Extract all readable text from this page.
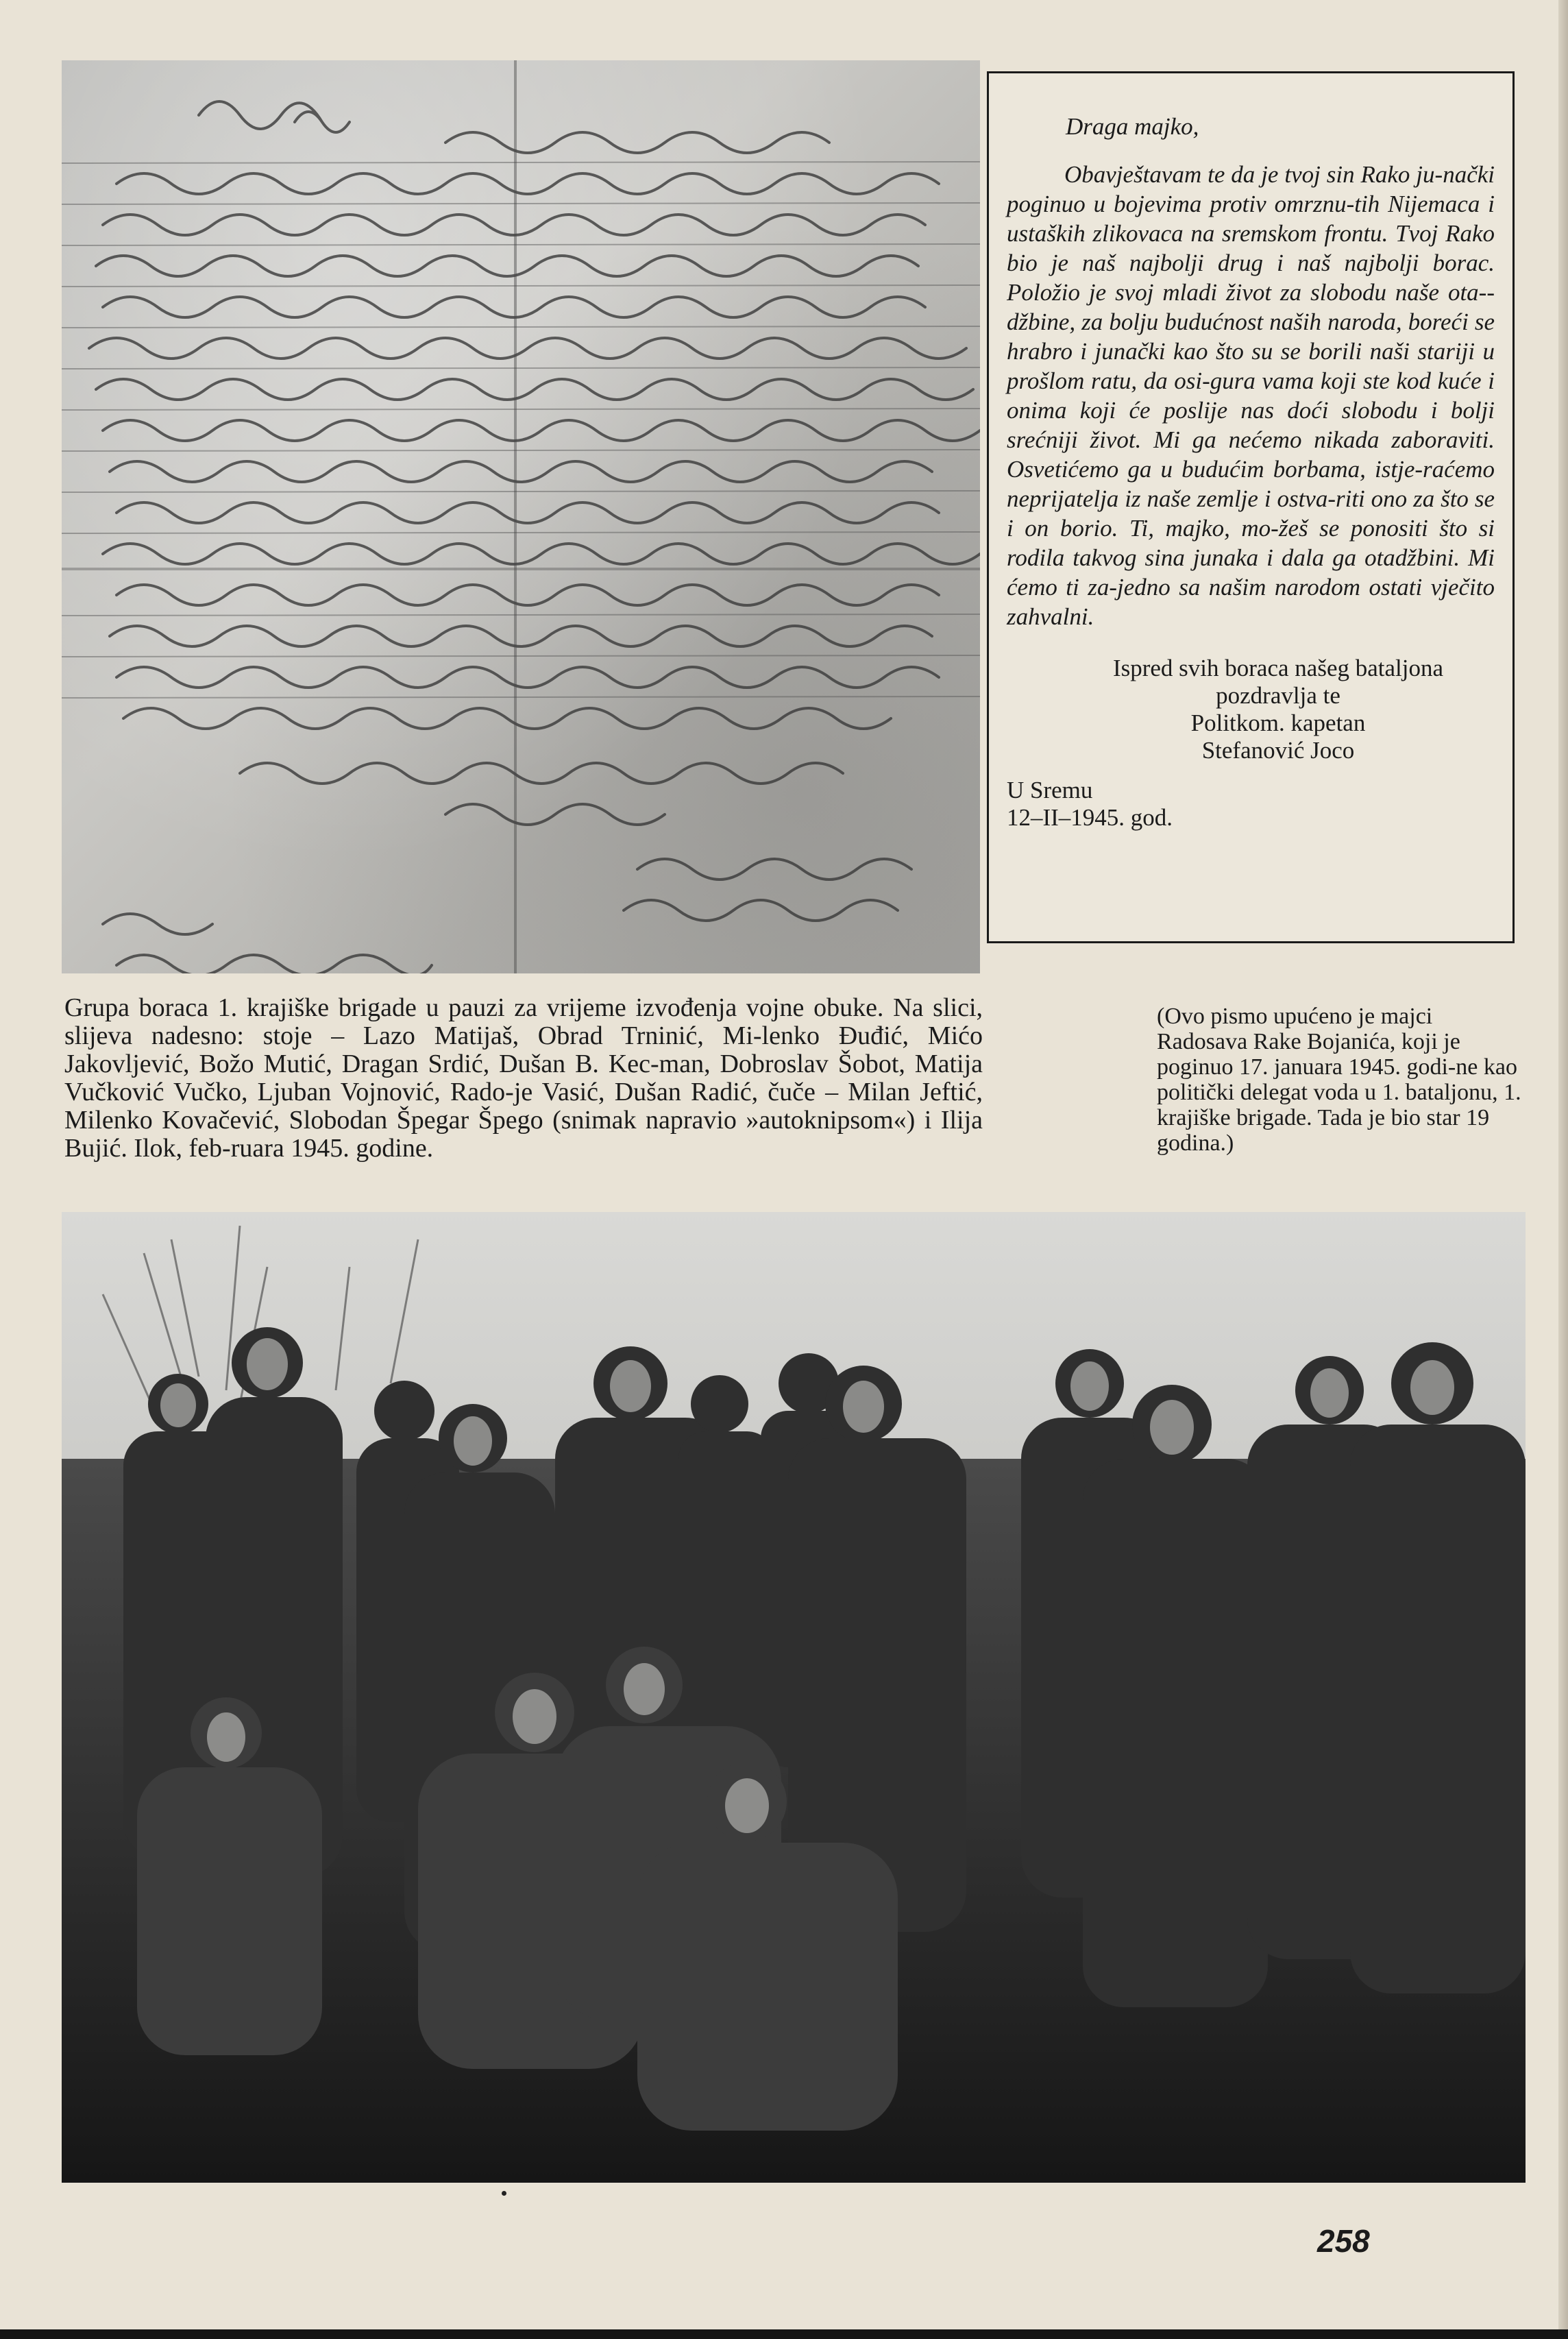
Draga majko,

Obavještavam te da je tvoj sin Rako ju-nački poginuo u bojevima protiv omrznu-tih Nijemaca i ustaških zlikovaca na sremskom frontu. Tvoj Rako bio je naš najbolji drug i naš najbolji borac. Položio je svoj mladi život za slobodu naše ota-džbine, za bolju budućnost naših naroda, boreći se hrabro i junački kao što su se borili naši stariji u prošlom ratu, da osi-gura vama koji ste kod kuće i onima koji će poslije nas doći slobodu i bolji srećniji život. Mi ga nećemo nikada zaboraviti. Osvetićemo ga u budućim borbama, istje-raćemo neprijatelja iz naše zemlje i ostva-riti ono za što se i on borio. Ti, majko, mo-žeš se ponositi što si rodila takvog sina junaka i dala ga otadžbini. Mi ćemo ti za-jedno sa našim narodom ostati vječito zahvalni.

Ispred svih boraca našeg bataljona
pozdravlja te
Politkom. kapetan
Stefanović Joco
U Sremu
12–II–1945. god.

Grupa boraca 1. krajiške brigade u pauzi za vrijeme izvođenja vojne obuke. Na slici, slijeva nadesno: stoje – Lazo Matijaš, Obrad Trninić, Mi-lenko Đuđić, Mićo Jakovljević, Božo Mutić, Dragan Srdić, Dušan B. Kec-man, Dobroslav Šobot, Matija Vučković Vučko, Ljuban Vojnović, Rado-je Vasić, Dušan Radić, čuče – Milan Jeftić, Milenko Kovačević, Slobodan Špegar Špego (snimak napravio »autoknipsom«) i Ilija Bujić. Ilok, feb-ruara 1945. godine.

(Ovo pismo upućeno je majci Radosava Rake Bojanića, koji je poginuo 17. januara 1945. godi-ne kao politički delegat voda u 1. bataljonu, 1. krajiške brigade. Tada je bio star 19 godina.)

258
